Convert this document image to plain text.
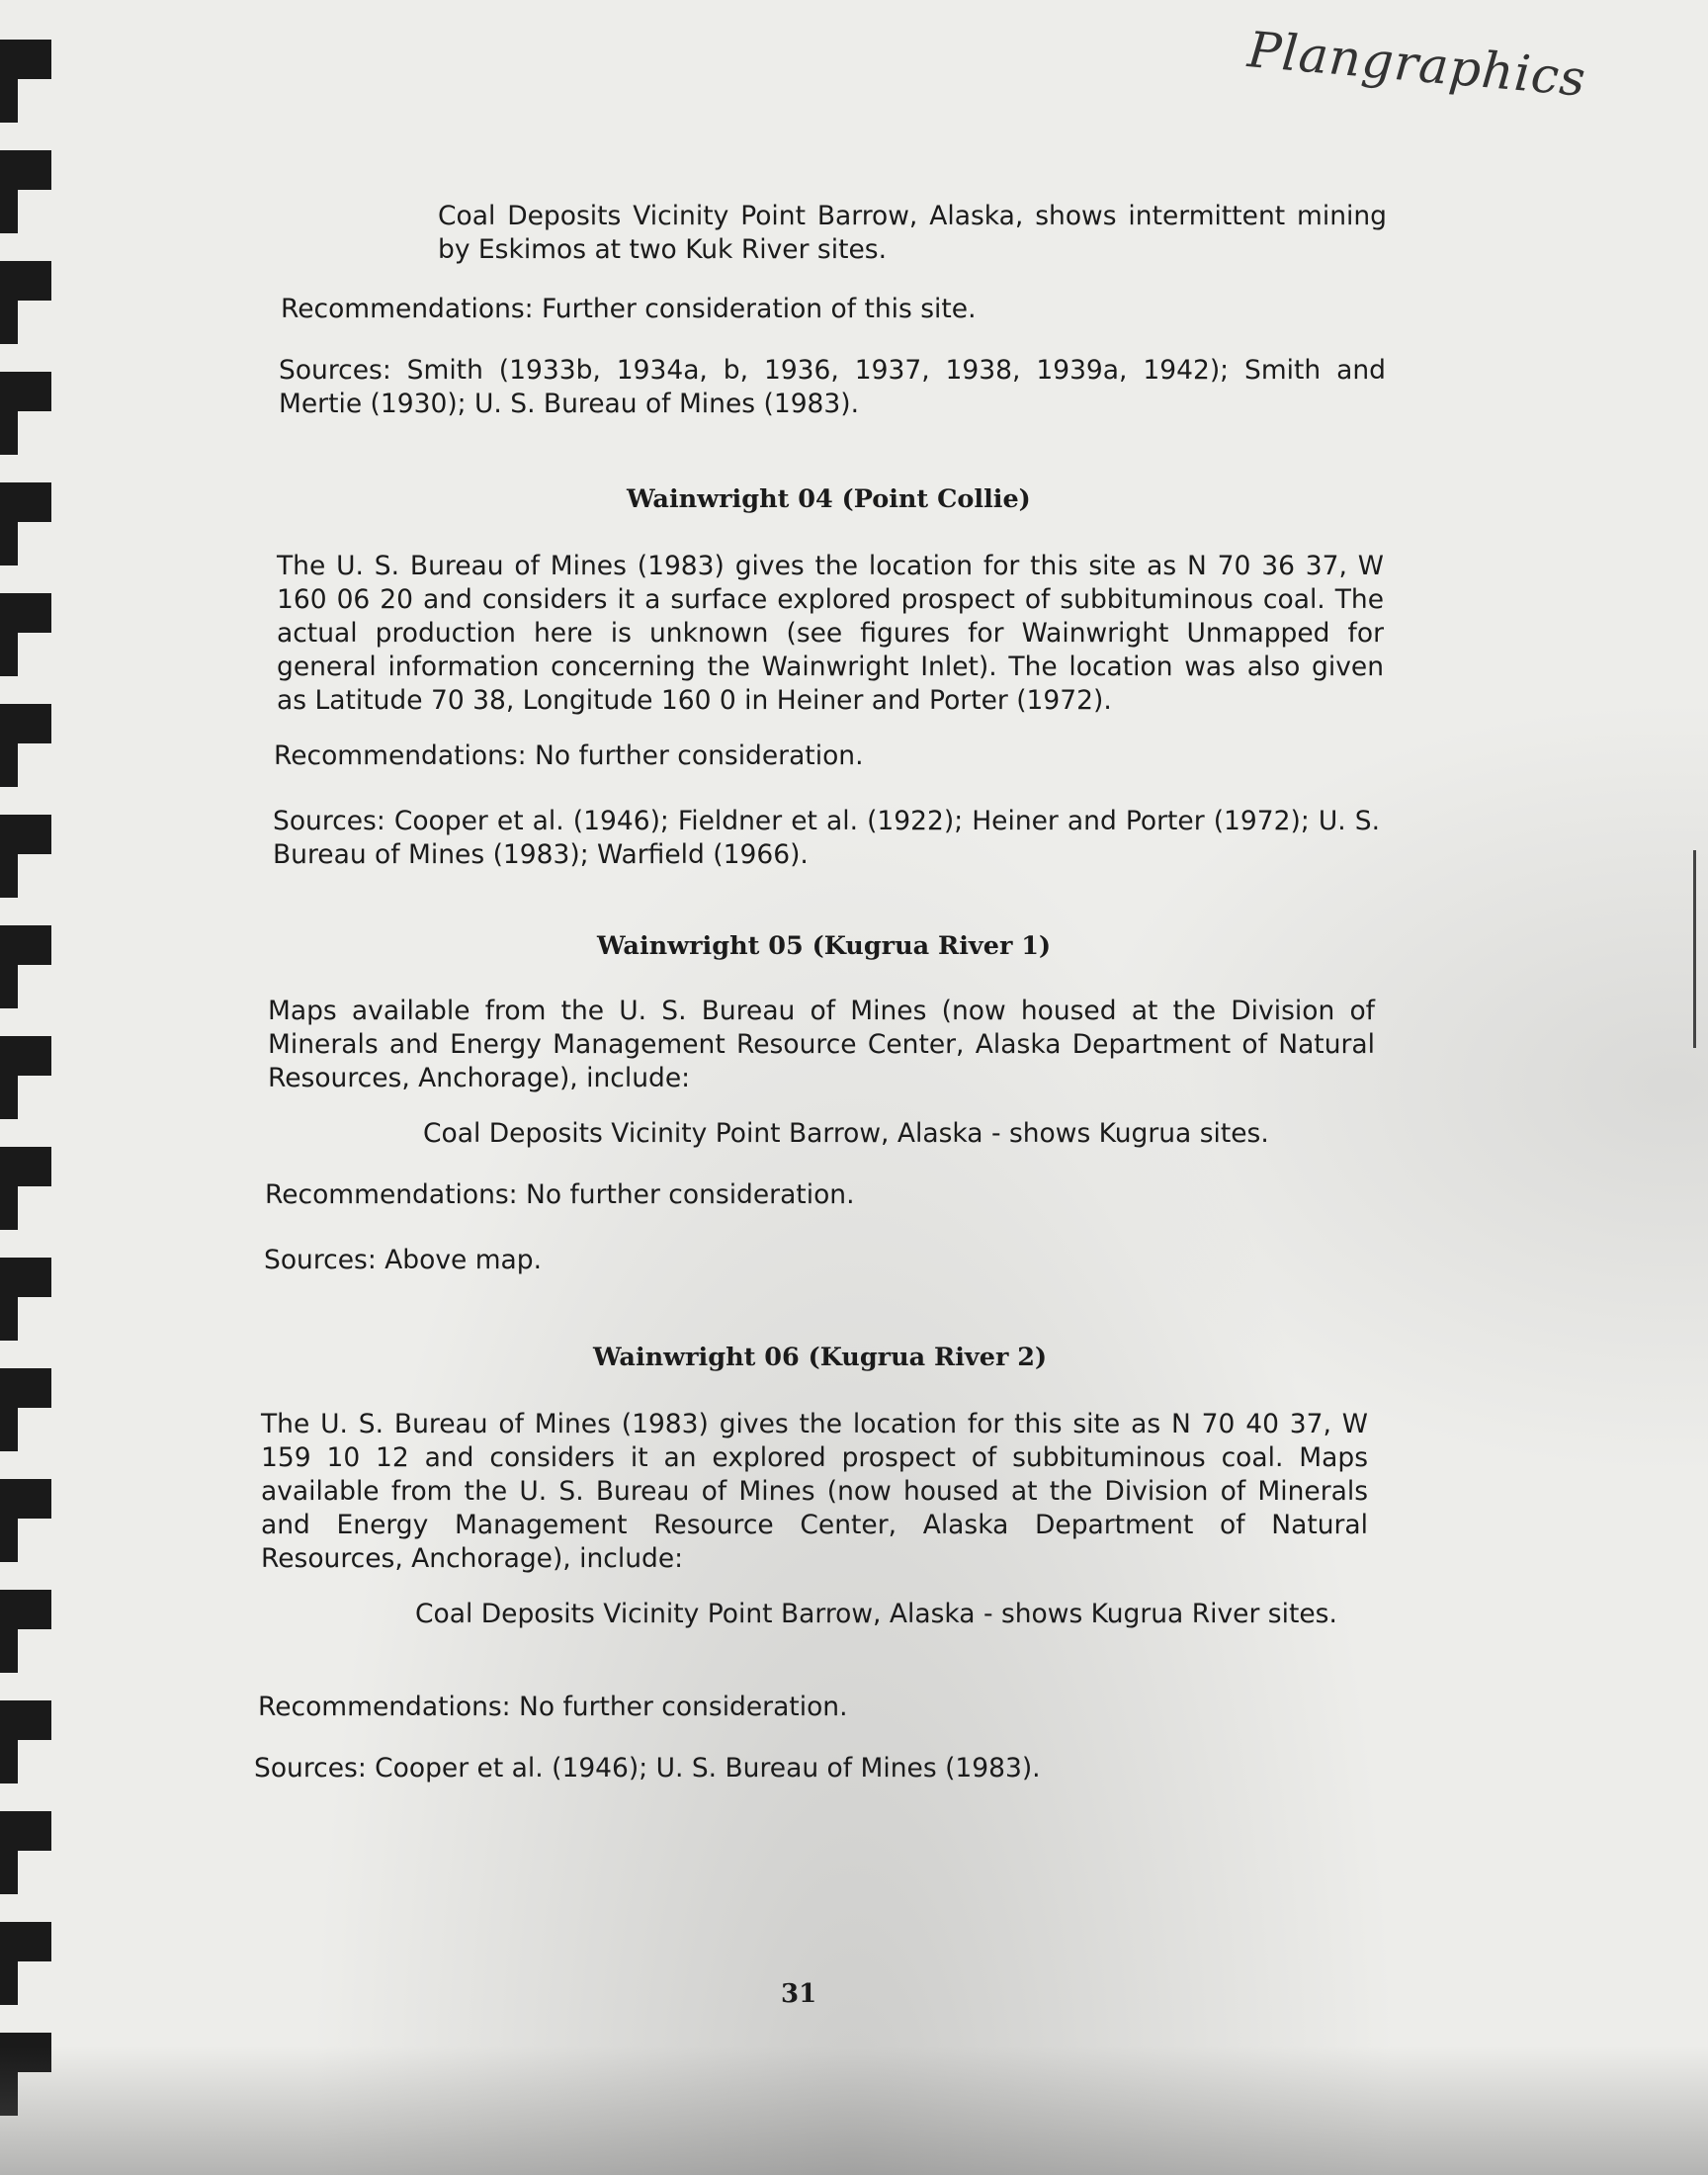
Plangraphics
Coal Deposits Vicinity Point Barrow, Alaska, shows intermittent mining by Eskimos at two Kuk River sites.
Recommendations: Further consideration of this site.
Sources: Smith (1933b, 1934a, b, 1936, 1937, 1938, 1939a, 1942); Smith and Mertie (1930); U. S. Bureau of Mines (1983).
Wainwright 04 (Point Collie)
The U. S. Bureau of Mines (1983) gives the location for this site as N 70 36 37, W 160 06 20 and considers it a surface explored prospect of subbituminous coal. The actual production here is unknown (see figures for Wainwright Unmapped for general information concerning the Wainwright Inlet). The location was also given as Latitude 70 38, Longitude 160 0 in Heiner and Porter (1972).
Recommendations: No further consideration.
Sources: Cooper et al. (1946); Fieldner et al. (1922); Heiner and Porter (1972); U. S. Bureau of Mines (1983); Warfield (1966).
Wainwright 05 (Kugrua River 1)
Maps available from the U. S. Bureau of Mines (now housed at the Division of Minerals and Energy Management Resource Center, Alaska Department of Natural Resources, Anchorage), include:
Coal Deposits Vicinity Point Barrow, Alaska - shows Kugrua sites.
Recommendations: No further consideration.
Sources: Above map.
Wainwright 06 (Kugrua River 2)
The U. S. Bureau of Mines (1983) gives the location for this site as N 70 40 37, W 159 10 12 and considers it an explored prospect of subbituminous coal. Maps available from the U. S. Bureau of Mines (now housed at the Division of Minerals and Energy Management Resource Center, Alaska Department of Natural Resources, Anchorage), include:
Coal Deposits Vicinity Point Barrow, Alaska - shows Kugrua River sites.
Recommendations: No further consideration.
Sources: Cooper et al. (1946); U. S. Bureau of Mines (1983).
31
